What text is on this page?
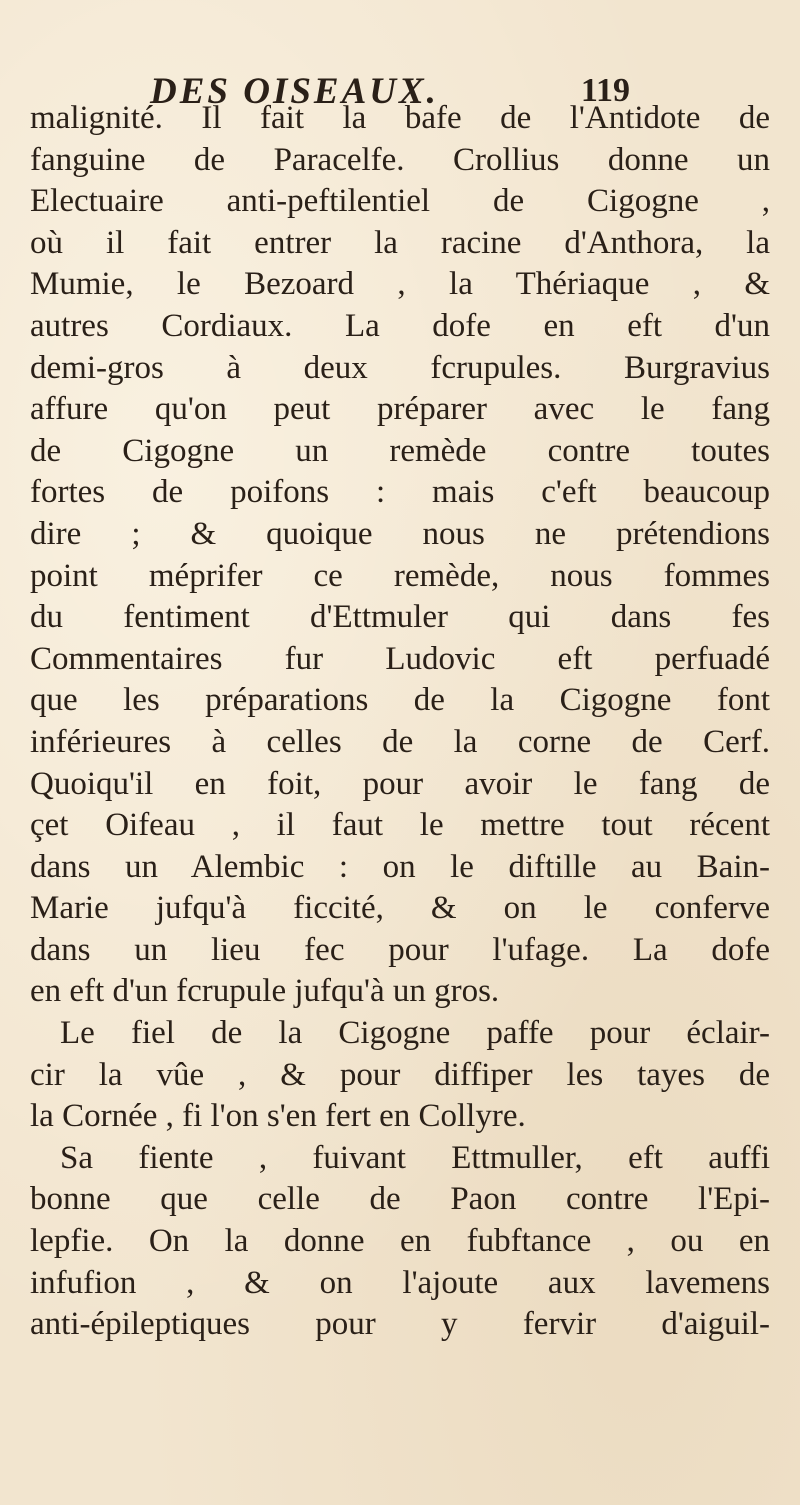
DES OISEAUX.	119
malignité. Il fait la bafe de l'Antidote de
fanguine de Paracelfe. Crollius donne un
Electuaire anti-peftilentiel de Cigogne ,
où il fait entrer la racine d'Anthora, la
Mumie, le Bezoard , la Thériaque , &
autres Cordiaux. La dofe en eft d'un
demi-gros à deux fcrupules. Burgravius
affure qu'on peut préparer avec le fang
de Cigogne un remède contre toutes
fortes de poifons : mais c'eft beaucoup
dire ; & quoique nous ne prétendions
point méprifer ce remède, nous fommes
du fentiment d'Ettmuler qui dans fes
Commentaires fur Ludovic eft perfuadé
que les préparations de la Cigogne font
inférieures à celles de la corne de Cerf.
Quoiqu'il en foit, pour avoir le fang de
çet Oifeau , il faut le mettre tout récent
dans un Alembic : on le diftille au Bain-
Marie jufqu'à ficcité, & on le conferve
dans un lieu fec pour l'ufage. La dofe
en eft d'un fcrupule jufqu'à un gros.
Le fiel de la Cigogne paffe pour éclair-
cir la vûe , & pour diffiper les tayes de
la Cornée , fi l'on s'en fert en Collyre.
Sa fiente , fuivant Ettmuller, eft auffi
bonne que celle de Paon contre l'Epi-
lepfie. On la donne en fubftance , ou en
infufion , & on l'ajoute aux lavemens
anti-épileptiques pour y fervir d'aiguil-
